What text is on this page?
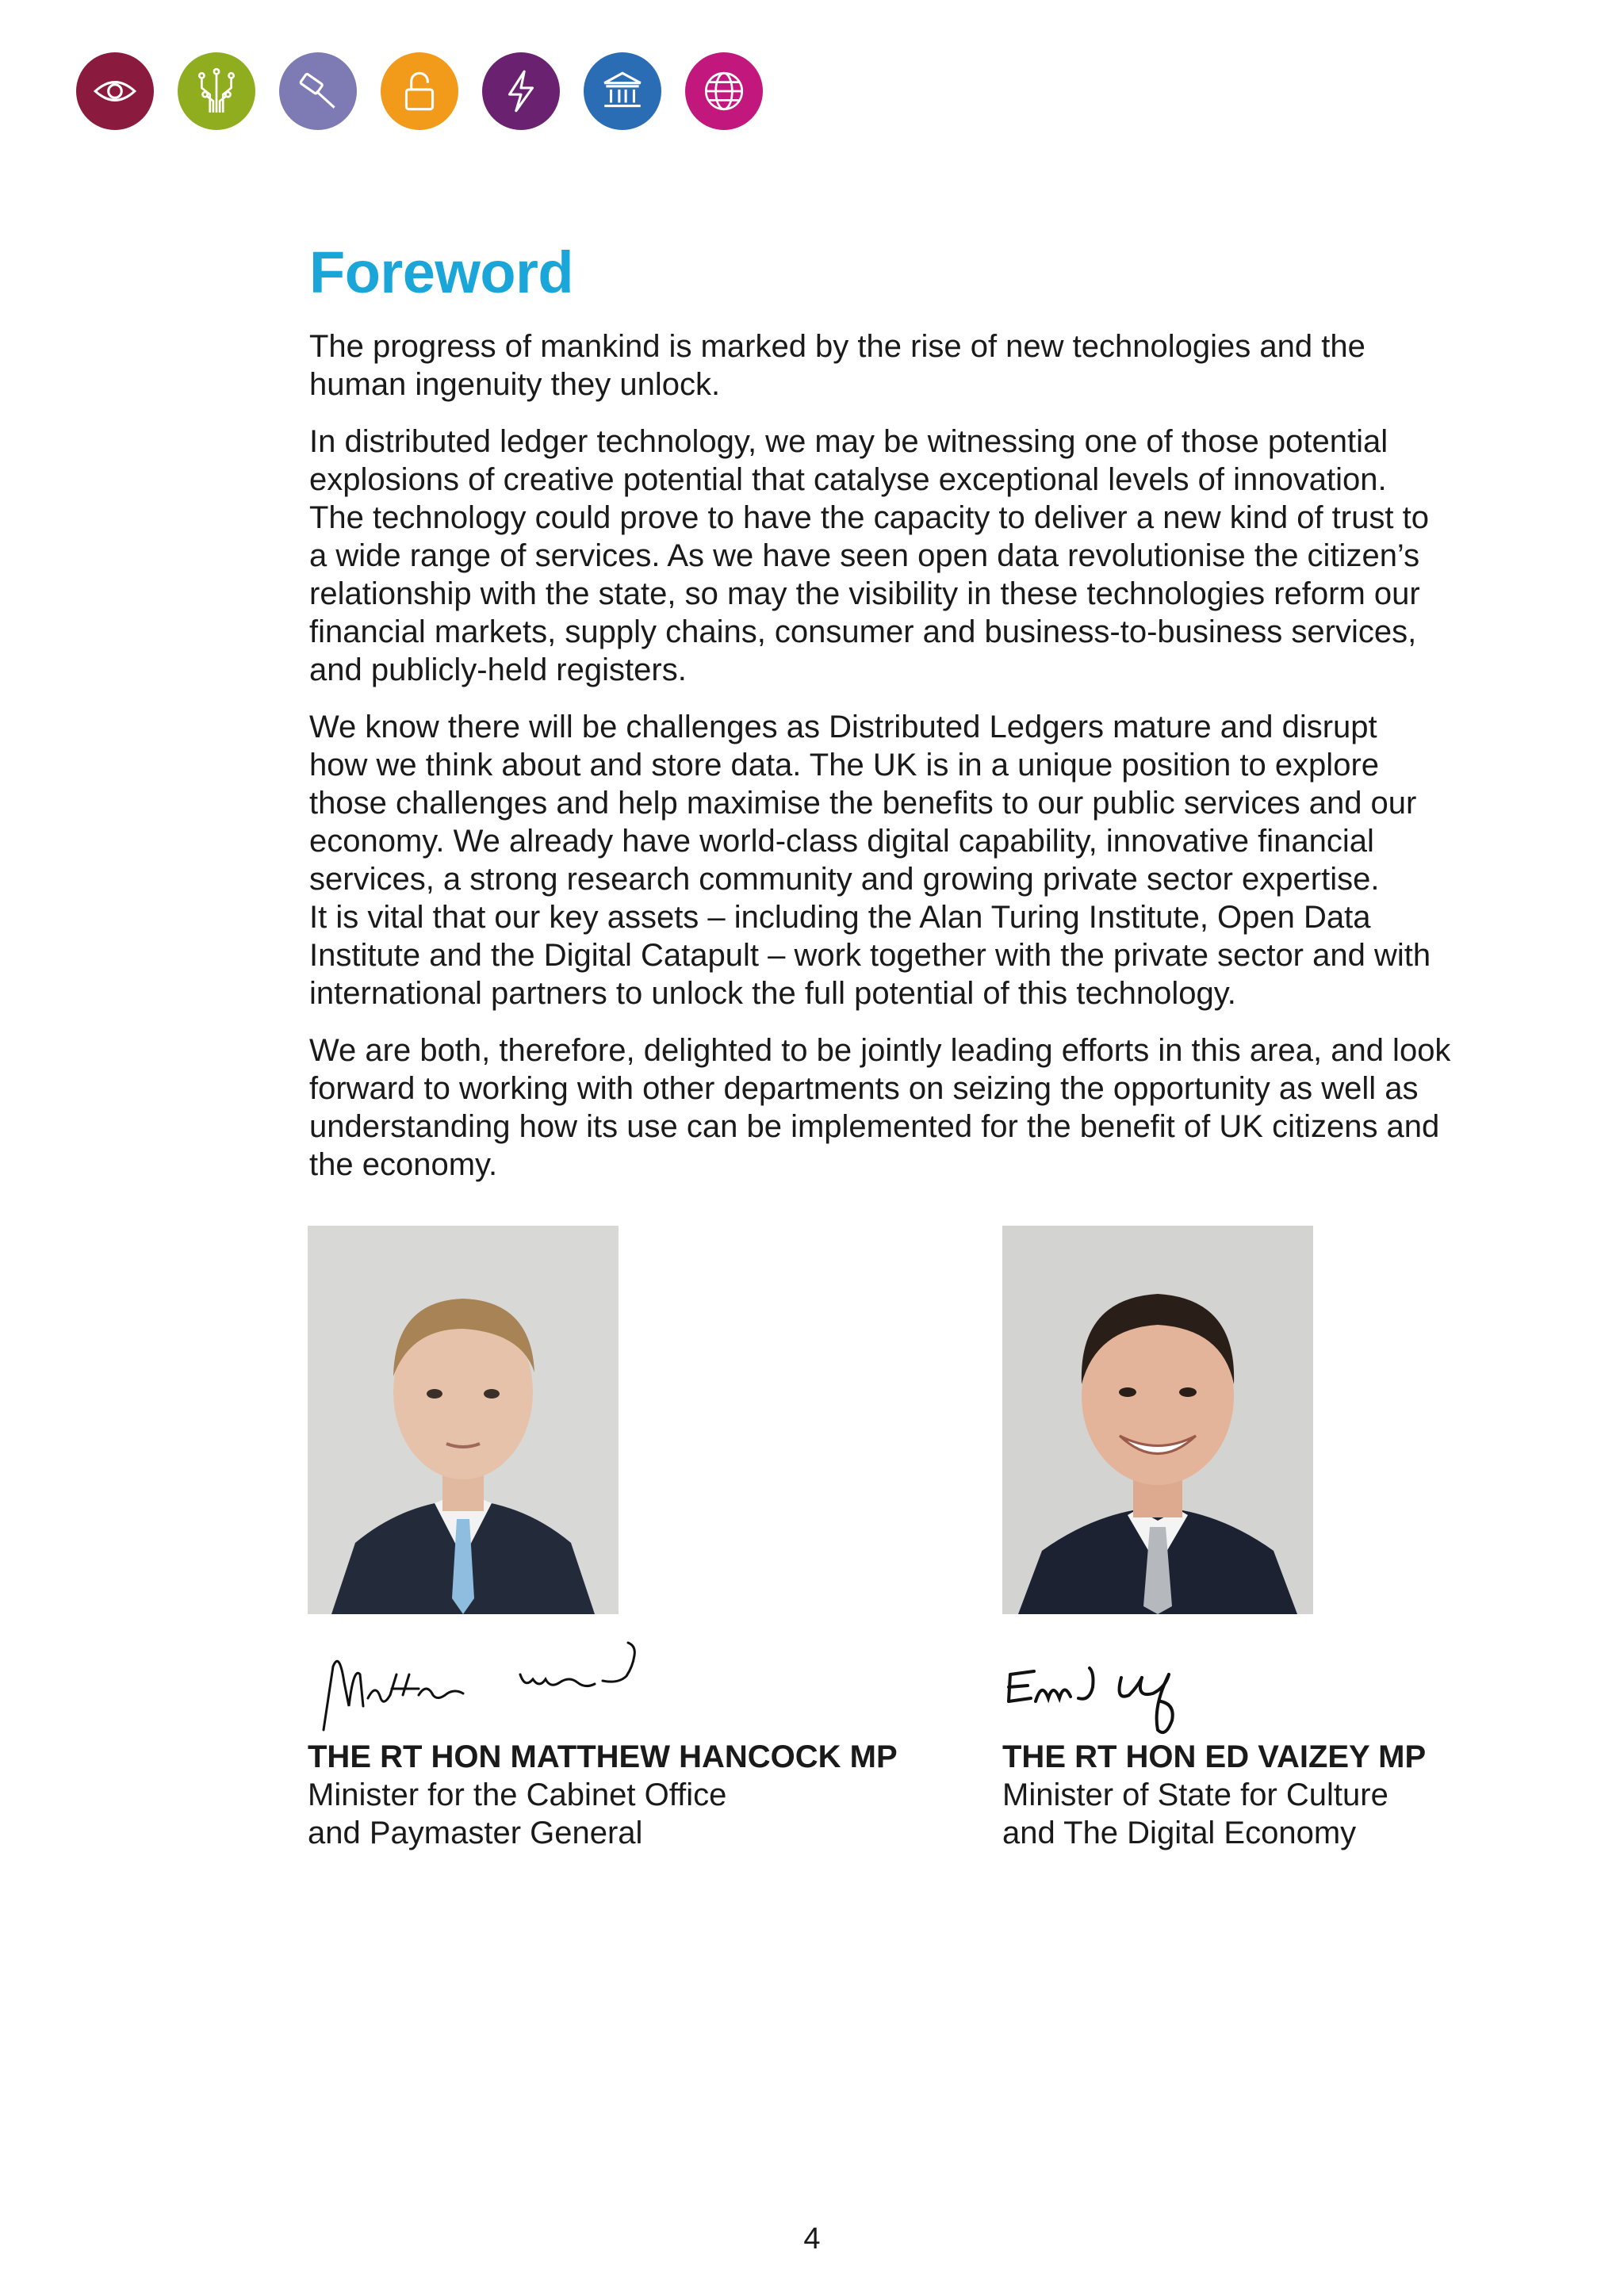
Foreword

The progress of mankind is marked by the rise of new technologies and the
human ingenuity they unlock.

In distributed ledger technology, we may be witnessing one of those potential
explosions of creative potential that catalyse exceptional levels of innovation.
The technology could prove to have the capacity to deliver a new kind of trust to
a wide range of services. As we have seen open data revolutionise the citizen’s
relationship with the state, so may the visibility in these technologies reform our
financial markets, supply chains, consumer and business-to-business services,
and publicly-held registers.

We know there will be challenges as Distributed Ledgers mature and disrupt
how we think about and store data. The UK is in a unique position to explore
those challenges and help maximise the benefits to our public services and our
economy. We already have world-class digital capability, innovative financial
services, a strong research community and growing private sector expertise.
It is vital that our key assets – including the Alan Turing Institute, Open Data
Institute and the Digital Catapult – work together with the private sector and with
international partners to unlock the full potential of this technology.

We are both, therefore, delighted to be jointly leading efforts in this area, and look
forward to working with other departments on seizing the opportunity as well as
understanding how its use can be implemented for the benefit of UK citizens and
the economy.

THE RT HON MATTHEW HANCOCK MP
Minister for the Cabinet Office
and Paymaster General
THE RT HON ED VAIZEY MP
Minister of State for Culture
and The Digital Economy
4
